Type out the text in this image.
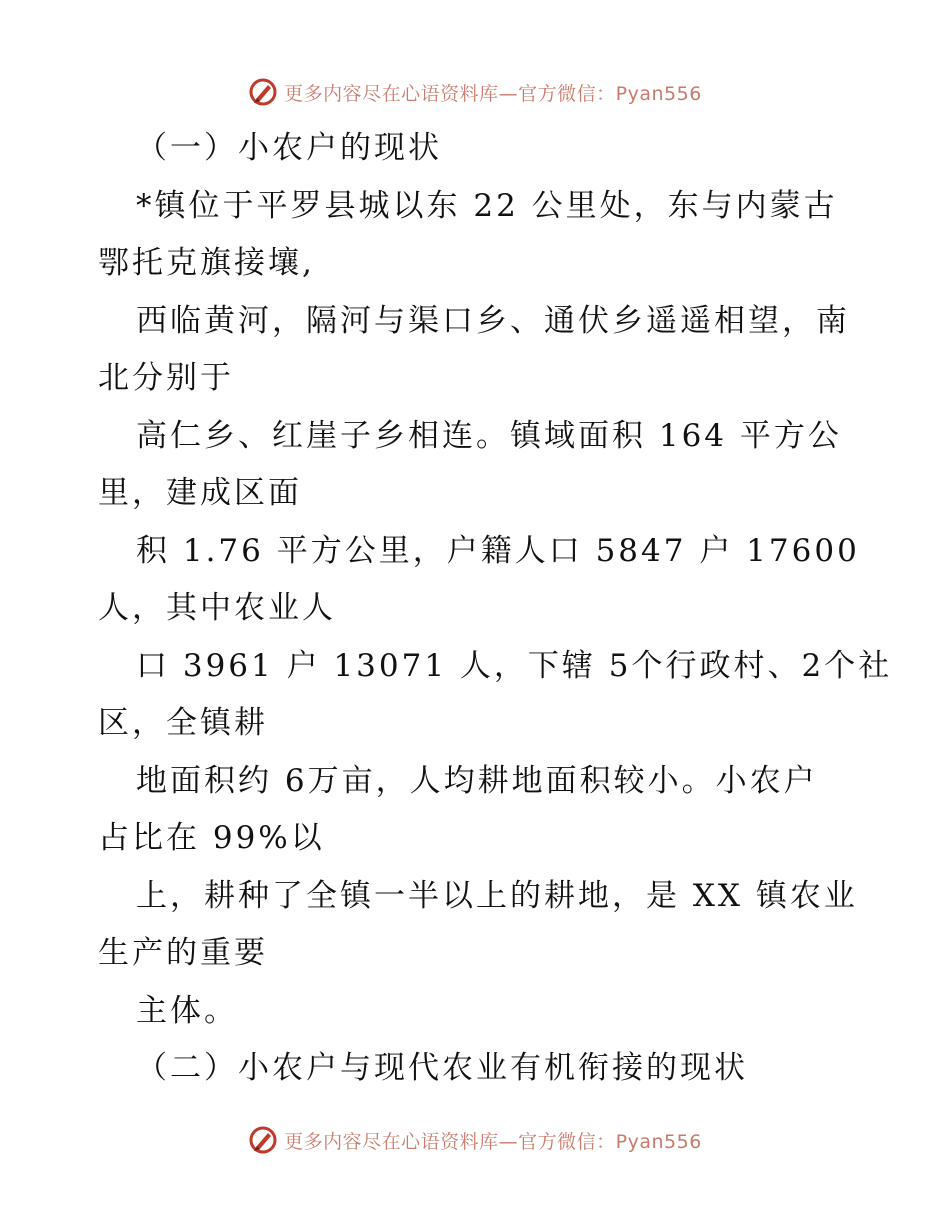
更多内容尽在心语资料库—官方微信：Pyan556
（一）小农户的现状
*镇位于平罗县城以东 22 公里处，东与内蒙古
鄂托克旗接壤,
西临黄河，隔河与渠口乡、通伏乡遥遥相望，南
北分别于
高仁乡、红崖子乡相连。镇域面积 164 平方公
里，建成区面
积 1.76 平方公里，户籍人口 5847 户 17600
人，其中农业人
口 3961 户 13071 人，下辖 5个行政村、2个社
区，全镇耕
地面积约 6万亩，人均耕地面积较小。小农户
占比在 99%以
上，耕种了全镇一半以上的耕地，是 XX 镇农业
生产的重要
主体。
（二）小农户与现代农业有机衔接的现状
更多内容尽在心语资料库—官方微信：Pyan556
